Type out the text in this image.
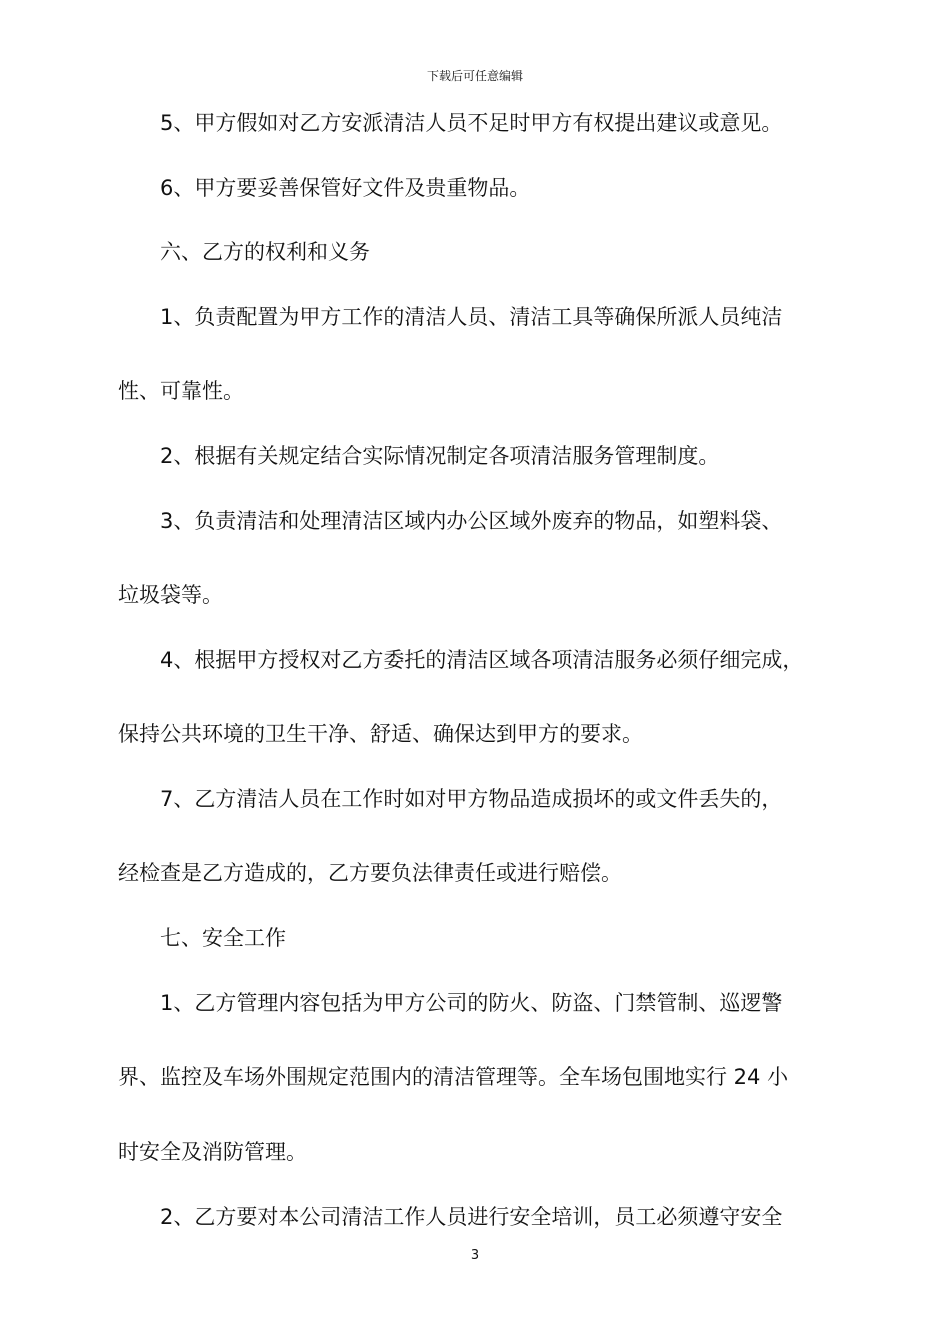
下载后可任意编辑
5、甲方假如对乙方安派清洁人员不足时甲方有权提出建议或意见。
6、甲方要妥善保管好文件及贵重物品。
六、乙方的权利和义务
1、负责配置为甲方工作的清洁人员、清洁工具等确保所派人员纯洁
性、可靠性。
2、根据有关规定结合实际情况制定各项清洁服务管理制度。
3、负责清洁和处理清洁区域内办公区域外废弃的物品，如塑料袋、
垃圾袋等。
4、根据甲方授权对乙方委托的清洁区域各项清洁服务必须仔细完成，
保持公共环境的卫生干净、舒适、确保达到甲方的要求。
7、乙方清洁人员在工作时如对甲方物品造成损坏的或文件丢失的，
经检查是乙方造成的，乙方要负法律责任或进行赔偿。
七、安全工作
1、乙方管理内容包括为甲方公司的防火、防盗、门禁管制、巡逻警
界、监控及车场外围规定范围内的清洁管理等。全车场包围地实行 24 小
时安全及消防管理。
2、乙方要对本公司清洁工作人员进行安全培训，员工必须遵守安全
3
